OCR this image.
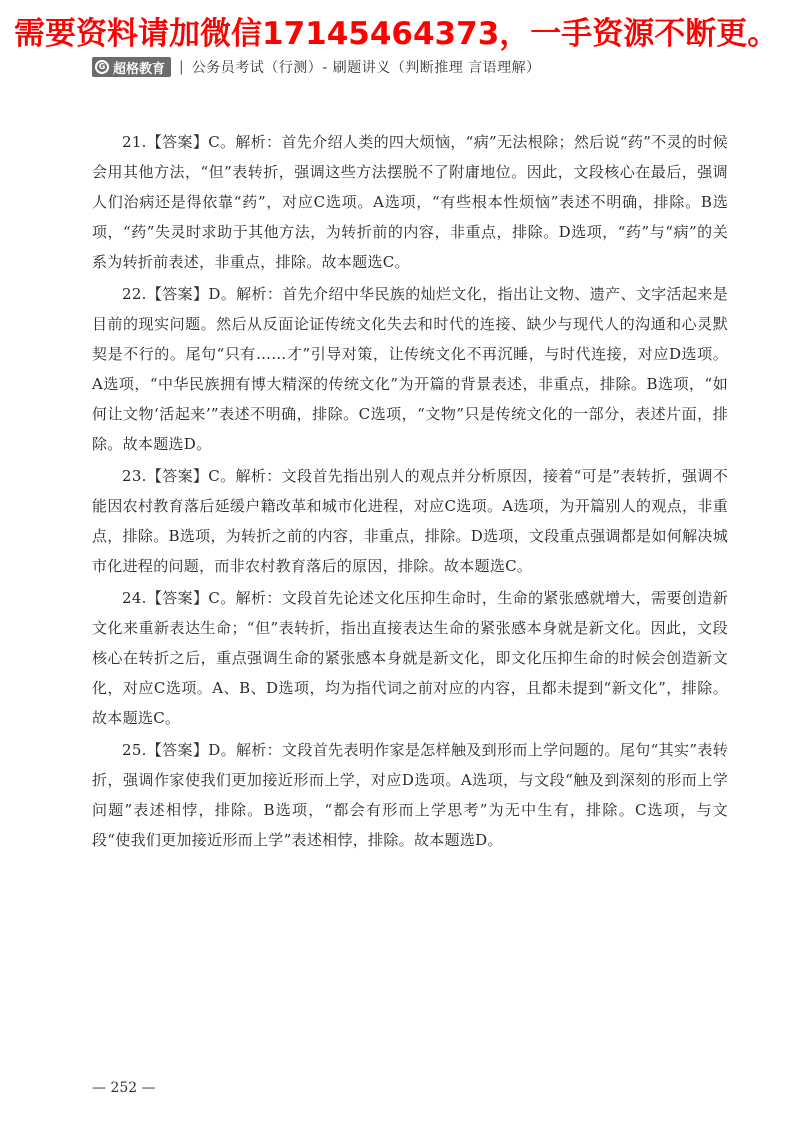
需要资料请加微信17145464373，一手资源不断更。
G 超格教育 | 公务员考试（行测）- 刷题讲义（判断推理 言语理解）

21.【答案】C。解析：首先介绍人类的四大烦恼，“病”无法根除；然后说“药”不灵的时候会用其他方法，“但”表转折，强调这些方法摆脱不了附庸地位。因此，文段核心在最后，强调人们治病还是得依靠“药”，对应C选项。A选项，“有些根本性烦恼”表述不明确，排除。B选项，“药”失灵时求助于其他方法，为转折前的内容，非重点，排除。D选项，“药”与“病”的关系为转折前表述，非重点，排除。故本题选C。

22.【答案】D。解析：首先介绍中华民族的灿烂文化，指出让文物、遗产、文字活起来是目前的现实问题。然后从反面论证传统文化失去和时代的连接、缺少与现代人的沟通和心灵默契是不行的。尾句“只有……才”引导对策，让传统文化不再沉睡，与时代连接，对应D选项。A选项，“中华民族拥有博大精深的传统文化”为开篇的背景表述，非重点，排除。B选项，“如何让文物‘活起来’”表述不明确，排除。C选项，“文物”只是传统文化的一部分，表述片面，排除。故本题选D。

23.【答案】C。解析：文段首先指出别人的观点并分析原因，接着“可是”表转折，强调不能因农村教育落后延缓户籍改革和城市化进程，对应C选项。A选项，为开篇别人的观点，非重点，排除。B选项，为转折之前的内容，非重点，排除。D选项，文段重点强调都是如何解决城市化进程的问题，而非农村教育落后的原因，排除。故本题选C。

24.【答案】C。解析：文段首先论述文化压抑生命时，生命的紧张感就增大，需要创造新文化来重新表达生命；“但”表转折，指出直接表达生命的紧张感本身就是新文化。因此，文段核心在转折之后，重点强调生命的紧张感本身就是新文化，即文化压抑生命的时候会创造新文化，对应C选项。A、B、D选项，均为指代词之前对应的内容，且都未提到“新文化”，排除。故本题选C。

25.【答案】D。解析：文段首先表明作家是怎样触及到形而上学问题的。尾句“其实”表转折，强调作家使我们更加接近形而上学，对应D选项。A选项，与文段“触及到深刻的形而上学问题”表述相悖，排除。B选项，“都会有形而上学思考”为无中生有，排除。C选项，与文段“使我们更加接近形而上学”表述相悖，排除。故本题选D。

— 252 —
